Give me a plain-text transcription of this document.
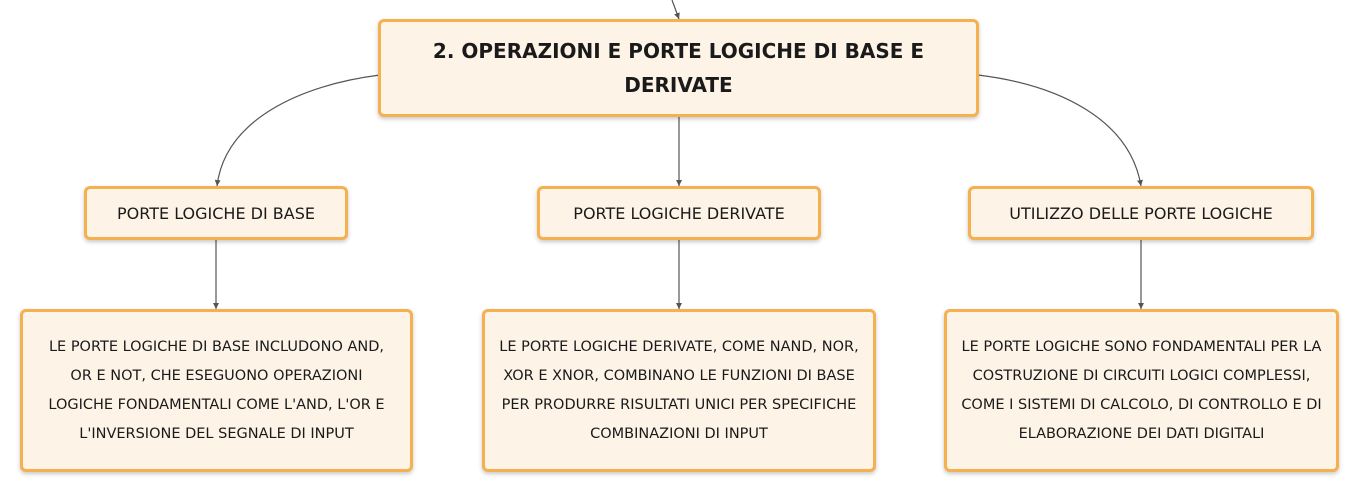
2. OPERAZIONI E PORTE LOGICHE DI BASE E DERIVATE
PORTE LOGICHE DI BASE	PORTE LOGICHE DERIVATE	UTILIZZO DELLE PORTE LOGICHE
LE PORTE LOGICHE DI BASE INCLUDONO AND, OR E NOT, CHE ESEGUONO OPERAZIONI LOGICHE FONDAMENTALI COME L'AND, L'OR E L'INVERSIONE DEL SEGNALE DI INPUT
LE PORTE LOGICHE DERIVATE, COME NAND, NOR, XOR E XNOR, COMBINANO LE FUNZIONI DI BASE PER PRODURRE RISULTATI UNICI PER SPECIFICHE COMBINAZIONI DI INPUT
LE PORTE LOGICHE SONO FONDAMENTALI PER LA COSTRUZIONE DI CIRCUITI LOGICI COMPLESSI, COME I SISTEMI DI CALCOLO, DI CONTROLLO E DI ELABORAZIONE DEI DATI DIGITALI
